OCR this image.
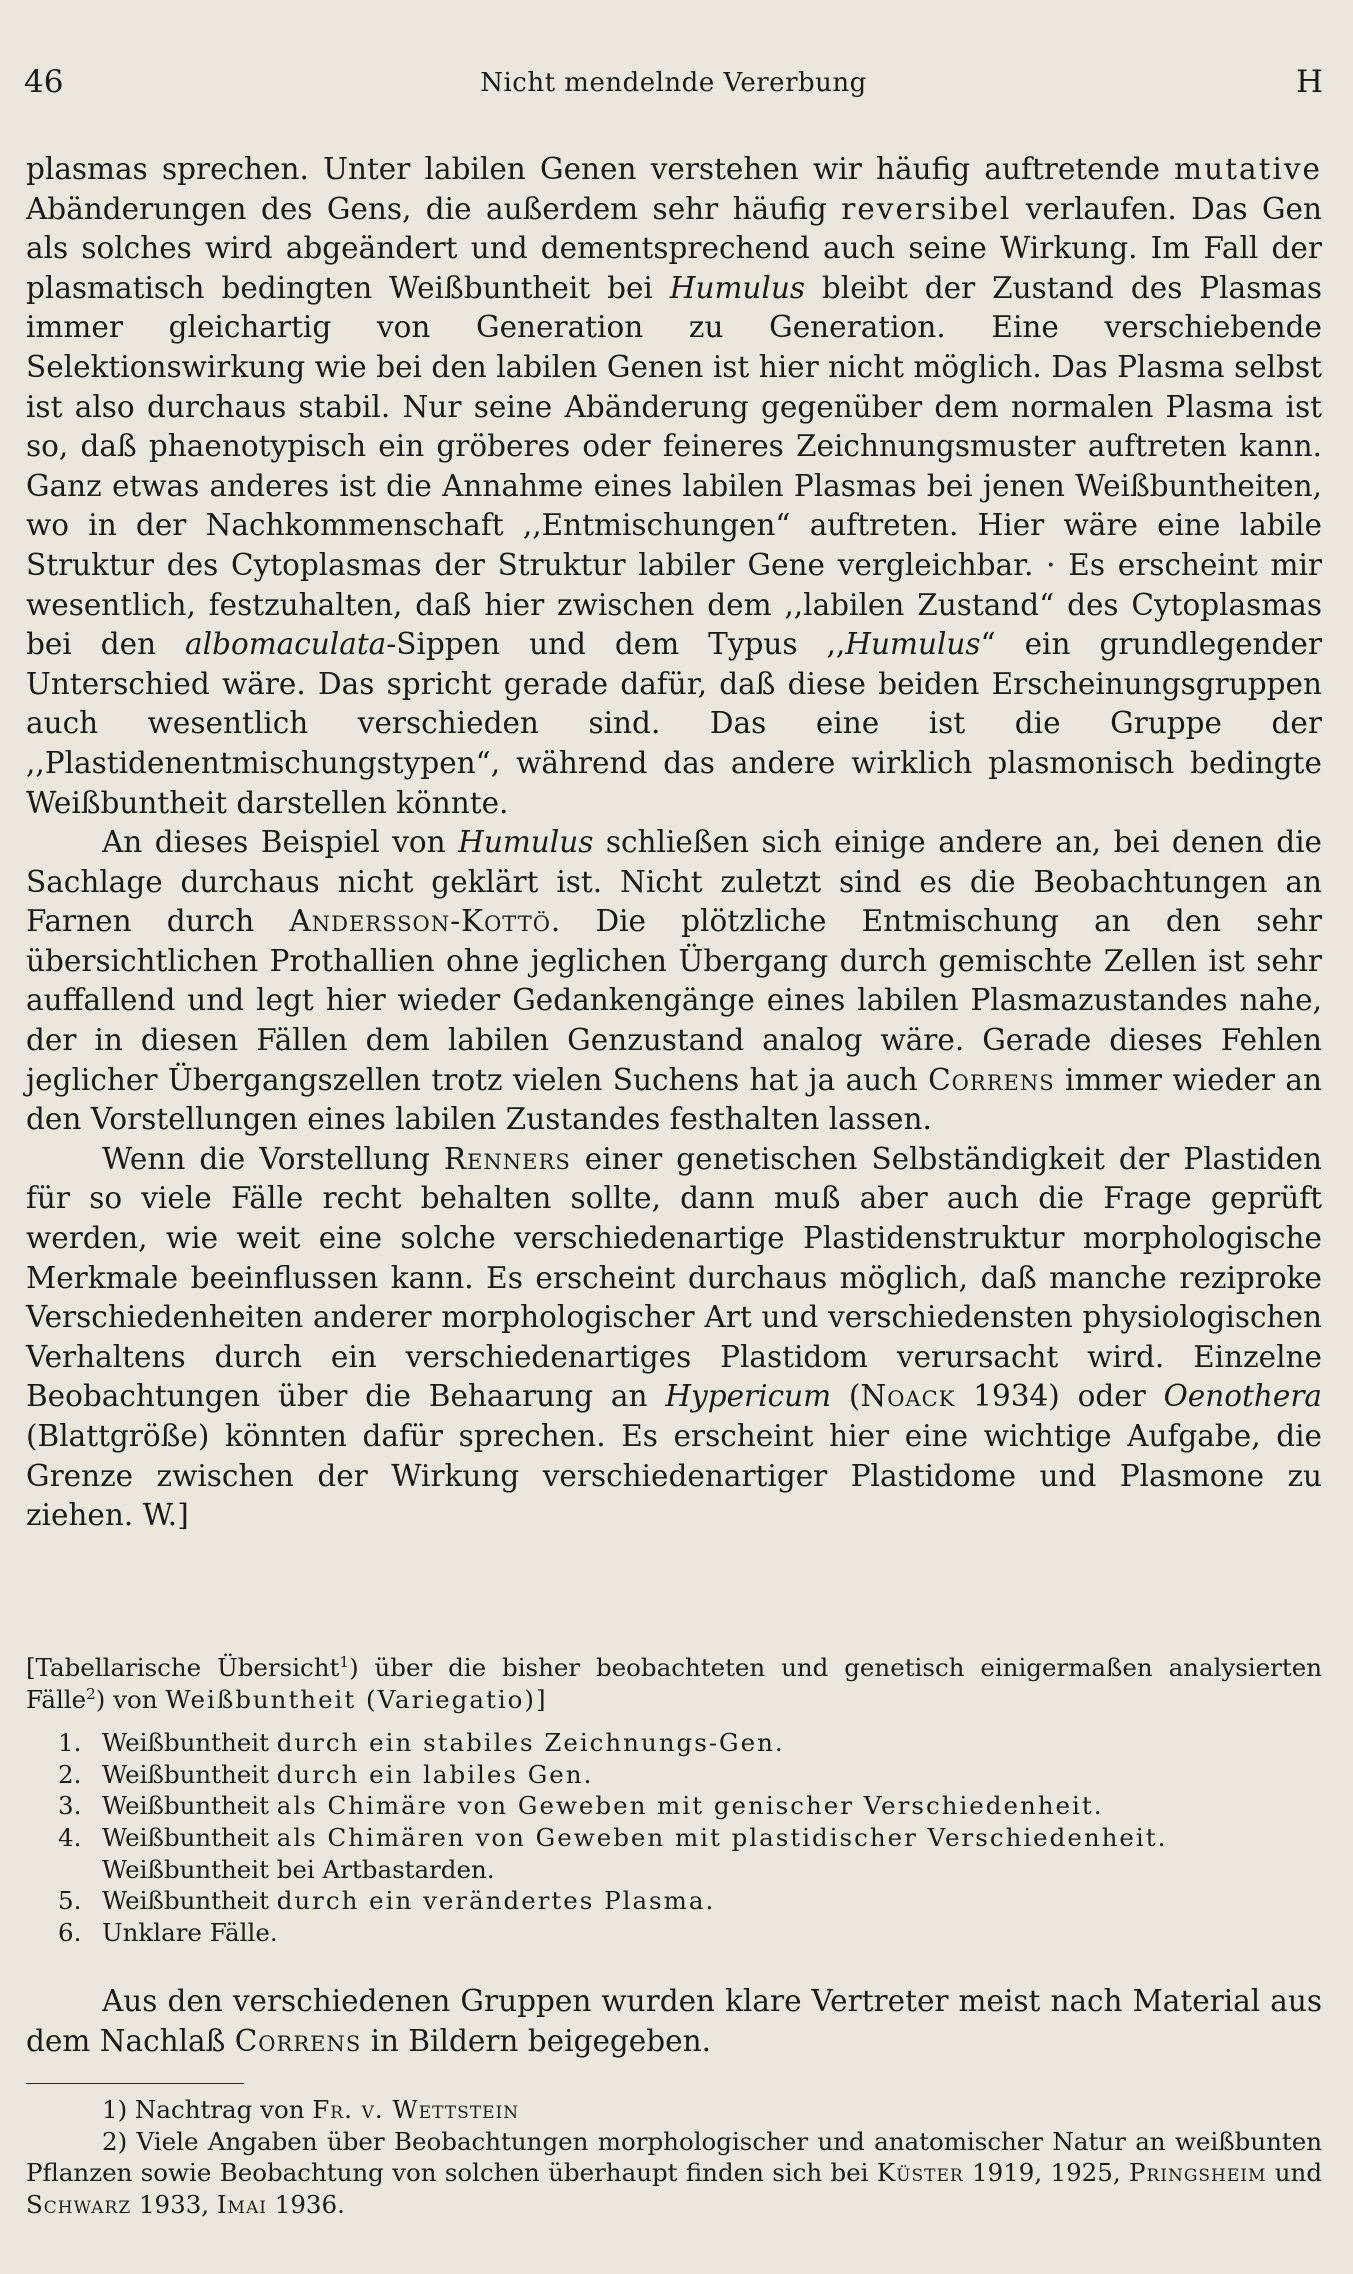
46	Nicht mendelnde Vererbung	H

plasmas sprechen. Unter labilen Genen verstehen wir häufig auftretende mutative Abänderungen des Gens, die außerdem sehr häufig reversibel verlaufen. Das Gen als solches wird abgeändert und dementsprechend auch seine Wirkung. Im Fall der plasmatisch bedingten Weißbuntheit bei Humulus bleibt der Zustand des Plasmas immer gleichartig von Generation zu Generation. Eine verschiebende Selektionswirkung wie bei den labilen Genen ist hier nicht möglich. Das Plasma selbst ist also durchaus stabil. Nur seine Abänderung gegenüber dem normalen Plasma ist so, daß phaenotypisch ein gröberes oder feineres Zeichnungsmuster auftreten kann. Ganz etwas anderes ist die Annahme eines labilen Plasmas bei jenen Weißbuntheiten, wo in der Nachkommenschaft ,,Entmischungen“ auftreten. Hier wäre eine labile Struktur des Cytoplasmas der Struktur labiler Gene vergleichbar. · Es erscheint mir wesentlich, festzuhalten, daß hier zwischen dem ,,labilen Zustand“ des Cytoplasmas bei den albomaculata-Sippen und dem Typus ,,Humulus“ ein grundlegender Unterschied wäre. Das spricht gerade dafür, daß diese beiden Erscheinungsgruppen auch wesentlich verschieden sind. Das eine ist die Gruppe der ,,Plastidenentmischungstypen“, während das andere wirklich plasmonisch bedingte Weißbuntheit darstellen könnte.

An dieses Beispiel von Humulus schließen sich einige andere an, bei denen die Sachlage durchaus nicht geklärt ist. Nicht zuletzt sind es die Beobachtungen an Farnen durch Andersson-Kottö. Die plötzliche Entmischung an den sehr übersichtlichen Prothallien ohne jeglichen Übergang durch gemischte Zellen ist sehr auffallend und legt hier wieder Gedankengänge eines labilen Plasmazustandes nahe, der in diesen Fällen dem labilen Genzustand analog wäre. Gerade dieses Fehlen jeglicher Übergangszellen trotz vielen Suchens hat ja auch Correns immer wieder an den Vorstellungen eines labilen Zustandes festhalten lassen.

Wenn die Vorstellung Renners einer genetischen Selbständigkeit der Plastiden für so viele Fälle recht behalten sollte, dann muß aber auch die Frage geprüft werden, wie weit eine solche verschiedenartige Plastidenstruktur morphologische Merkmale beeinflussen kann. Es erscheint durchaus möglich, daß manche reziproke Verschiedenheiten anderer morphologischer Art und verschiedensten physiologischen Verhaltens durch ein verschiedenartiges Plastidom verursacht wird. Einzelne Beobachtungen über die Behaarung an Hypericum (Noack 1934) oder Oenothera (Blattgröße) könnten dafür sprechen. Es erscheint hier eine wichtige Aufgabe, die Grenze zwischen der Wirkung verschiedenartiger Plastidome und Plasmone zu ziehen. W.]

[Tabellarische Übersicht$^1$) über die bisher beobachteten und genetisch einigermaßen analysierten Fälle$^2$) von Weißbuntheit (Variegatio)]

1. Weißbuntheit durch ein stabiles Zeichnungs-Gen.
2. Weißbuntheit durch ein labiles Gen.
3. Weißbuntheit als Chimäre von Geweben mit genischer Verschiedenheit.
4. Weißbuntheit als Chimären von Geweben mit plastidischer Verschiedenheit.
Weißbuntheit bei Artbastarden.
5. Weißbuntheit durch ein verändertes Plasma.
6. Unklare Fälle.

Aus den verschiedenen Gruppen wurden klare Vertreter meist nach Material aus dem Nachlaß Correns in Bildern beigegeben.

1) Nachtrag von Fr. v. Wettstein

2) Viele Angaben über Beobachtungen morphologischer und anatomischer Natur an weißbunten Pflanzen sowie Beobachtung von solchen überhaupt finden sich bei Küster 1919, 1925, Pringsheim und Schwarz 1933, Imai 1936.
